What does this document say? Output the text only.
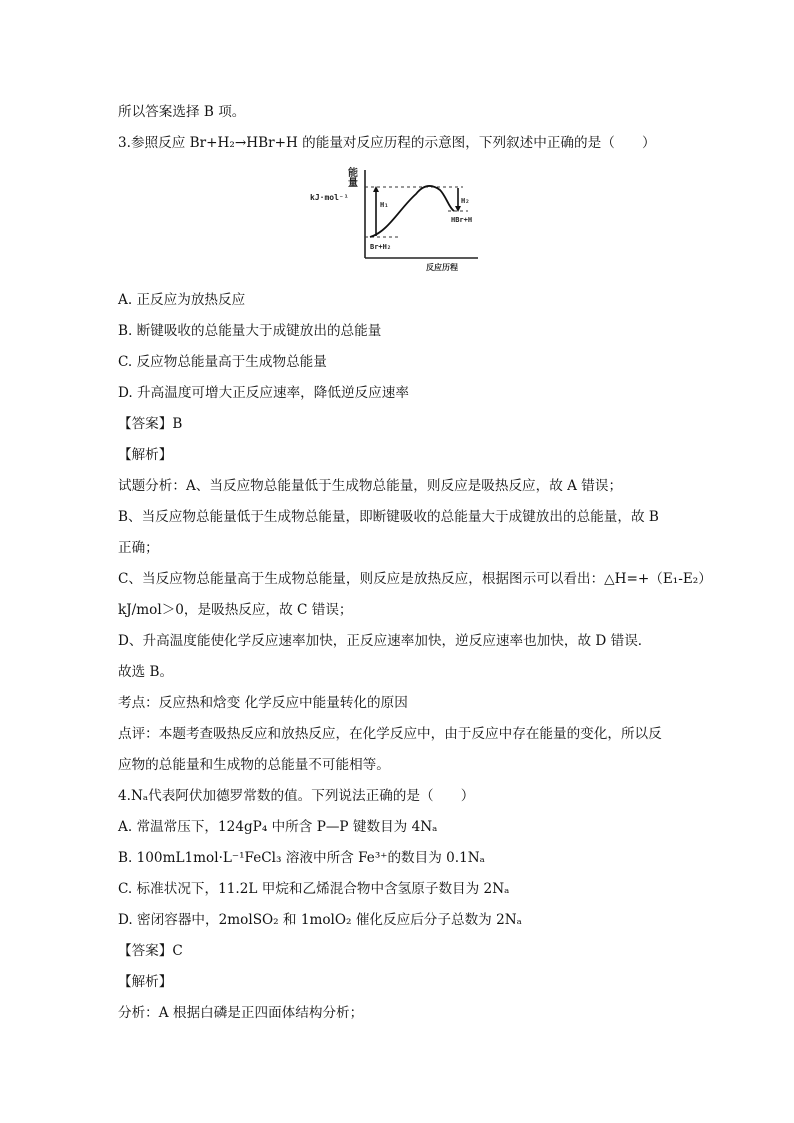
所以答案选择 B 项。
3.参照反应 Br+H₂→HBr+H 的能量对反应历程的示意图，下列叙述中正确的是（　　）
能
量
kJ·mol⁻¹
H₁	H₂
HBr+H
Br+H₂
反应历程
A. 正反应为放热反应
B. 断键吸收的总能量大于成键放出的总能量
C. 反应物总能量高于生成物总能量
D. 升高温度可增大正反应速率，降低逆反应速率
【答案】B
【解析】
试题分析：A、当反应物总能量低于生成物总能量，则反应是吸热反应，故 A 错误；
B、当反应物总能量低于生成物总能量，即断键吸收的总能量大于成键放出的总能量，故 B
正确；
C、当反应物总能量高于生成物总能量，则反应是放热反应，根据图示可以看出：△H=+（E₁-E₂）
kJ/mol＞0，是吸热反应，故 C 错误；
D、升高温度能使化学反应速率加快，正反应速率加快，逆反应速率也加快，故 D 错误．
故选 B。
考点：反应热和焓变 化学反应中能量转化的原因
点评：本题考查吸热反应和放热反应，在化学反应中，由于反应中存在能量的变化，所以反
应物的总能量和生成物的总能量不可能相等。
4.Nₐ代表阿伏加德罗常数的值。下列说法正确的是（　　）
A. 常温常压下，124gP₄ 中所含 P—P 键数目为 4Nₐ
B. 100mL1mol·L⁻¹FeCl₃ 溶液中所含 Fe³⁺的数目为 0.1Nₐ
C. 标准状况下，11.2L 甲烷和乙烯混合物中含氢原子数目为 2Nₐ
D. 密闭容器中，2molSO₂ 和 1molO₂ 催化反应后分子总数为 2Nₐ
【答案】C
【解析】
分析：A 根据白磷是正四面体结构分析；
